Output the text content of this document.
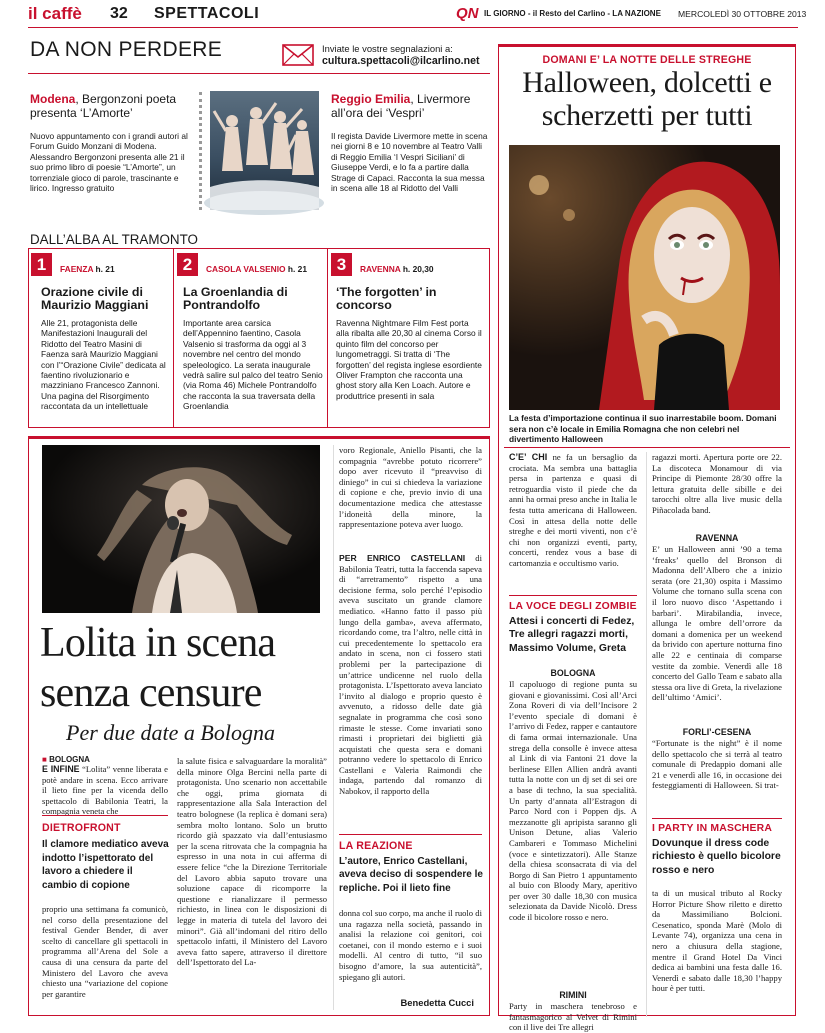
il caffè 32 SPETTACOLI	QN IL GIORNO - il Resto del Carlino - LA NAZIONE MERCOLEDÌ 30 OTTOBRE 2013
DA NON PERDERE	Inviate le vostre segnalazioni a:
cultura.spettacoli@ilcarlino.net
Modena, Bergonzoni poeta presenta ‘L’Amorte’
Nuovo appuntamento con i grandi autori al Forum Guido Monzani di Modena. Alessandro Bergonzoni presenta alle 21 il suo primo libro di poesie “L’Amorte”, un torrenziale gioco di parole, trascinante e lirico. Ingresso gratuito
Reggio Emilia, Livermore all’ora dei ‘Vespri’
Il regista Davide Livermore mette in scena nei giorni 8 e 10 novembre al Teatro Valli di Reggio Emilia ‘I Vespri Siciliani’ di Giuseppe Verdi, e lo fa a partire dalla Strage di Capaci. Racconta la sua messa in scena alle 18 al Ridotto del Valli
DALL’ALBA AL TRAMONTO
1	FAENZA h. 21
Orazione civile di Maurizio Maggiani
Alle 21, protagonista delle Manifestazioni Inaugurali del Ridotto del Teatro Masini di Faenza sarà Maurizio Maggiani con l’“Orazione Civile” dedicata al faentino rivoluzionario e mazziniano Francesco Zannoni. Una pagina del Risorgimento raccontata da un intellettuale
2	CASOLA VALSENIO h. 21
La Groenlandia di Pontrandolfo
Importante area carsica dell’Appennino faentino, Casola Valsenio si trasforma da oggi al 3 novembre nel centro del mondo speleologico. La serata inaugurale vedrà salire sul palco del teatro Senio (via Roma 46) Michele Pontrandolfo che racconta la sua traversata della Groenlandia
3	RAVENNA h. 20,30
‘The forgotten’ in concorso
Ravenna Nightmare Film Fest porta alla ribalta alle 20,30 al cinema Corso il quinto film del concorso per lungometraggi. Si tratta di ‘The forgotten’ del regista inglese esordiente Oliver Frampton che racconta una ghost story alla Ken Loach. Autore e produttrice presenti in sala
DOMANI E’ LA NOTTE DELLE STREGHE
Halloween, dolcetti e scherzetti per tutti
La festa d’importazione continua il suo inarrestabile boom. Domani sera non c’è locale in Emilia Romagna che non celebri nel divertimento Halloween
C’E’ CHI ne fa un bersaglio da crociata. Ma sembra una battaglia persa in partenza e quasi di retroguardia visto il piede che da anni ha ormai preso anche in Italia le festa tutta americana di Halloween. Così in attesa della notte delle streghe e dei morti viventi, non c’è chi non organizzi eventi, party, concerti, rendez vous a base di cartomanzia e occultismo vario.
LA VOCE DEGLI ZOMBIE
Attesi i concerti di Fedez, Tre allegri ragazzi morti, Massimo Volume, Greta
BOLOGNA
Il capoluogo di regione punta su giovani e giovanissimi. Così all’Arci Zona Roveri di via dell’Incisore 2 l’evento speciale di domani è l’arrivo di Fedez, rapper e cantautore di fama ormai internazionale. Una strega della consolle è invece attesa al Link di via Fantoni 21 dove la berlinese Ellen Allien andrà avanti tutta la notte con un dj set di sei ore a base di techno, la sua specialità. Un party d’annata all’Estragon di Parco Nord con i Poppen djs. A mezzanotte gli apripista saranno gli Unison Detune, alias Valerio Cambareri e Tommaso Michelini (voce e sintetizzatori). Alle Stanze della chiesa sconsacrata di via del Borgo di San Pietro 1 appuntamento al buio con Bloody Mary, aperitivo per over 30 dalle 18,30 con musica selezionata da Davide Nicolò. Dress code il bicolore rosso e nero.
RIMINI
Party in maschera tenebroso e fantasmagorico al Velvet di Rimini con il live dei Tre allegri
ragazzi morti. Apertura porte ore 22. La discoteca Monamour di via Principe di Piemonte 28/30 offre la lettura gratuita delle sibille e dei tarocchi oltre alla live music della Piñacolada band.
RAVENNA
E’ un Halloween anni ’90 a tema ‘freaks’ quello del Bronson di Madonna dell’Albero che a inizio serata (ore 21,30) ospita i Massimo Volume che tornano sulla scena con il loro nuovo disco ‘Aspettando i barbari’. Mirabilandia, invece, allunga le ombre dell’orrore da domani a domenica per un weekend da brivido con aperture notturna fino alle 22 e centinaia di comparse vestite da zombie. Venerdì alle 18 concerto del Gallo Team e sabato alla stessa ora live di Greta, la rivelazione dell’ultimo ‘Amici’.
FORLI’-CESENA
“Fortunate is the night” è il nome dello spettacolo che si terrà al teatro comunale di Predappio domani alle 21 e venerdì alle 16, in occasione dei festeggiamenti di Halloween. Si trat-
I PARTY IN MASCHERA
Dovunque il dress code richiesto è quello bicolore rosso e nero
ta di un musical tributo al Rocky Horror Picture Show riletto e diretto da Massimiliano Bolcioni. Cesenatico, sponda Marè (Molo di Levante 74), organizza una cena in nero a chiusura della stagione, mentre il Grand Hotel Da Vinci dedica ai bambini una festa dalle 16. Venerdì e sabato dalle 18,30 l’happy hour è per tutti.
Lolita in scena senza censure
Per due date a Bologna
■ BOLOGNA
E INFINE “Lolita” venne liberata e potè andare in scena. Ecco arrivare il lieto fine per la vicenda dello spettacolo di Babilonia Teatri, la compagnia veneta che
DIETROFRONT
Il clamore mediatico aveva indotto l’ispettorato del lavoro a chiedere il cambio di copione
proprio una settimana fa comunicò, nel corso della presentazione del festival Gender Bender, di aver scelto di cancellare gli spettacoli in programma all’Arena del Sole a causa di una censura da parte del Ministero del Lavoro che aveva chiesto una “variazione del copione per garantire
la salute fisica e salvaguardare la moralità” della minore Olga Bercini nella parte di protagonista. Uno scenario non accettabile che oggi, prima giornata di rappresentazione alla Sala Interaction del teatro bolognese (la replica è domani sera) sembra molto lontano. Solo un brutto ricordo già spazzato via dall’entusiasmo per la scena ritrovata che la compagnia ha espresso in una nota in cui afferma di essere felice “che la Direzione Territoriale del Lavoro abbia saputo trovare una soluzione capace di ricomporre la questione e rianalizzare il permesso richiesto, in linea con le disposizioni di legge in materia di tutela del lavoro dei minori”. Già all’indomani del ritiro dello spettacolo infatti, il Ministero del Lavoro aveva fatto sapere, attraverso il direttore dell’Ispettorato del La-
voro Regionale, Aniello Pisanti, che la compagnia “avrebbe potuto ricorrere” dopo aver ricevuto il “preavviso di diniego” in cui si chiedeva la variazione di copione e che, previo invio di una documentazione medica che attestasse l’idoneità della minore, la rappresentazione poteva aver luogo.
PER ENRICO CASTELLANI di Babilonia Teatri, tutta la faccenda sapeva di “arretramento” rispetto a una decisione ferma, solo perché l’episodio aveva suscitato un grande clamore mediatico. «Hanno fatto il passo più lungo della gamba», aveva affermato, ricordando come, tra l’altro, nelle città in cui precedentemente lo spettacolo era andato in scena, non ci fossero stati problemi per la partecipazione di un’attrice undicenne nel ruolo della protagonista. L’Ispettorato aveva lanciato l’invito al dialogo e proprio questo è avvenuto, a ridosso delle date già segnalate in programma che così sono rimaste le stesse. Come invariati sono rimasti i proprietari dei biglietti già acquistati che questa sera e domani potranno vedere lo spettacolo di Enrico Castellani e Valeria Raimondi che indaga, partendo dal romanzo di Nabokov, il rapporto della
LA REAZIONE
L’autore, Enrico Castellani, aveva deciso di sospendere le repliche. Poi il lieto fine
donna col suo corpo, ma anche il ruolo di una ragazza nella società, passando in analisi la relazione coi genitori, coi coetanei, con il mondo esterno e i suoi modelli. Al centro di tutto, “il suo bisogno d’amore, la sua autenticità”, spiegano gli autori.
Benedetta Cucci
